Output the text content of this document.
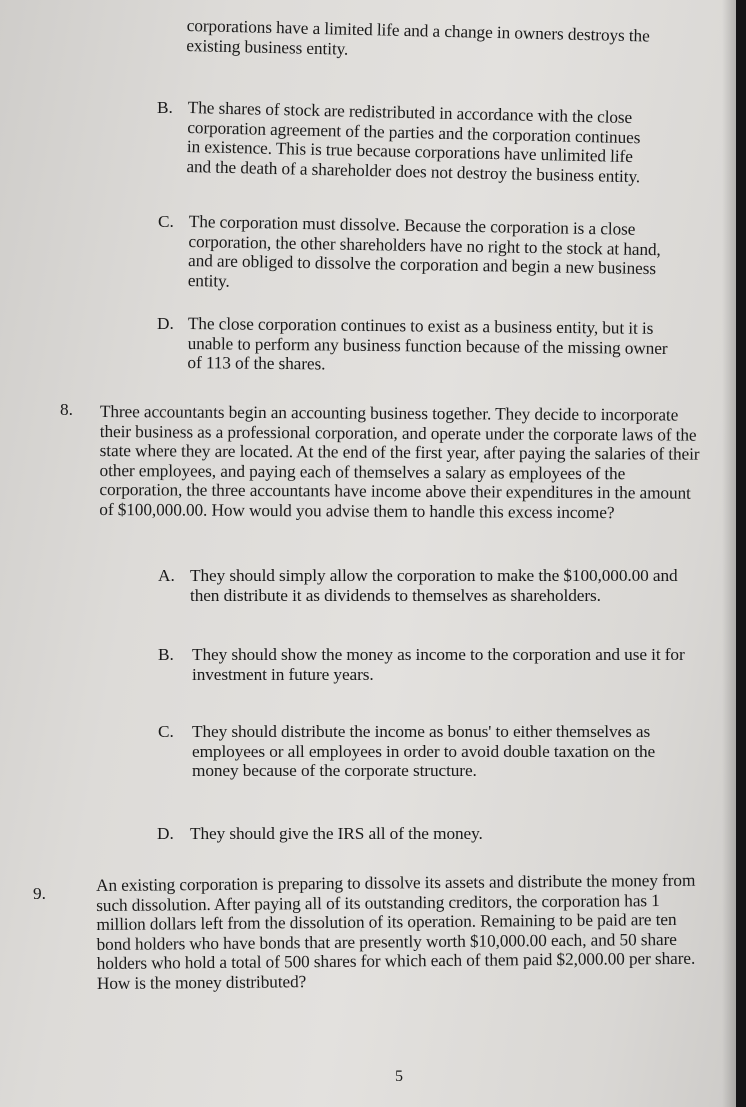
corporations have a limited life and a change in owners destroys the existing business entity.
B. The shares of stock are redistributed in accordance with the close corporation agreement of the parties and the corporation continues in existence. This is true because corporations have unlimited life and the death of a shareholder does not destroy the business entity.
C. The corporation must dissolve. Because the corporation is a close corporation, the other shareholders have no right to the stock at hand, and are obliged to dissolve the corporation and begin a new business entity.
D. The close corporation continues to exist as a business entity, but it is unable to perform any business function because of the missing owner of 113 of the shares.
8. Three accountants begin an accounting business together. They decide to incorporate their business as a professional corporation, and operate under the corporate laws of the state where they are located. At the end of the first year, after paying the salaries of their other employees, and paying each of themselves a salary as employees of the corporation, the three accountants have income above their expenditures in the amount of $100,000.00. How would you advise them to handle this excess income?
A. They should simply allow the corporation to make the $100,000.00 and then distribute it as dividends to themselves as shareholders.
B. They should show the money as income to the corporation and use it for investment in future years.
C. They should distribute the income as bonus' to either themselves as employees or all employees in order to avoid double taxation on the money because of the corporate structure.
D. They should give the IRS all of the money.
9.	An existing corporation is preparing to dissolve its assets and distribute the money from such dissolution. After paying all of its outstanding creditors, the corporation has 1 million dollars left from the dissolution of its operation. Remaining to be paid are ten bond holders who have bonds that are presently worth $10,000.00 each, and 50 share holders who hold a total of 500 shares for which each of them paid $2,000.00 per share. How is the money distributed?
5
